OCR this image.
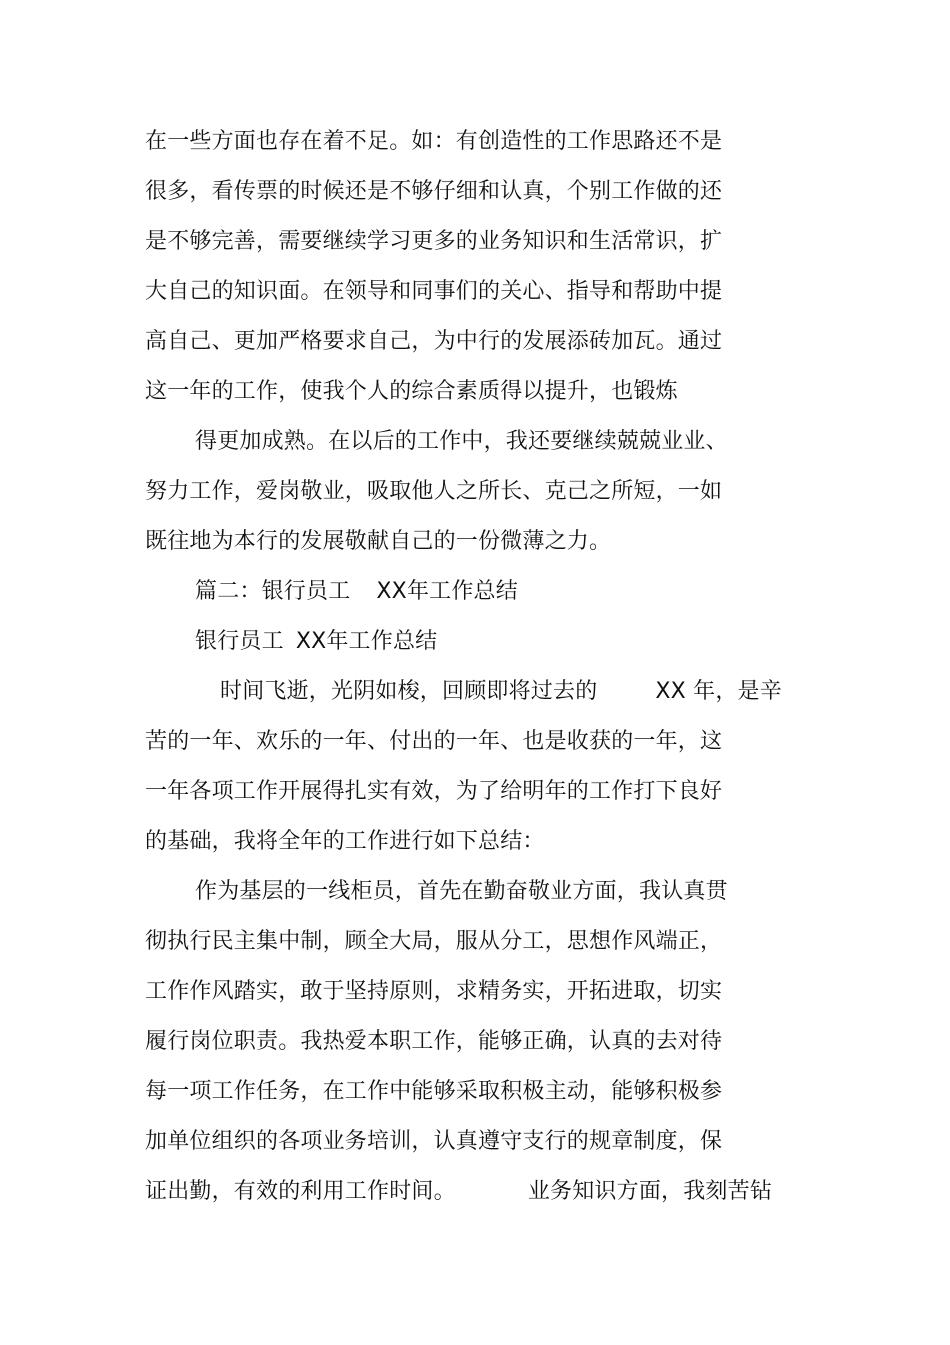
在一些方面也存在着不足。如：有创造性的工作思路还不是
很多，看传票的时候还是不够仔细和认真，个别工作做的还
是不够完善，需要继续学习更多的业务知识和生活常识，扩
大自己的知识面。在领导和同事们的关心、指导和帮助中提
高自己、更加严格要求自己，为中行的发展添砖加瓦。通过
这一年的工作，使我个人的综合素质得以提升，也锻炼
得更加成熟。在以后的工作中，我还要继续兢兢业业、
努力工作，爱岗敬业，吸取他人之所长、克己之所短，一如
既往地为本行的发展敬献自己的一份微薄之力。
篇二：银行员工 XX年工作总结
银行员工 XX年工作总结
时间飞逝，光阴如梭，回顾即将过去的	XX 年，是辛
苦的一年、欢乐的一年、付出的一年、也是收获的一年，这
一年各项工作开展得扎实有效，为了给明年的工作打下良好
的基础，我将全年的工作进行如下总结：
作为基层的一线柜员，首先在勤奋敬业方面，我认真贯
彻执行民主集中制，顾全大局，服从分工，思想作风端正，
工作作风踏实，敢于坚持原则，求精务实，开拓进取，切实
履行岗位职责。我热爱本职工作，能够正确，认真的去对待
每一项工作任务，在工作中能够采取积极主动，能够积极参
加单位组织的各项业务培训，认真遵守支行的规章制度，保
证出勤，有效的利用工作时间。	业务知识方面，我刻苦钻
